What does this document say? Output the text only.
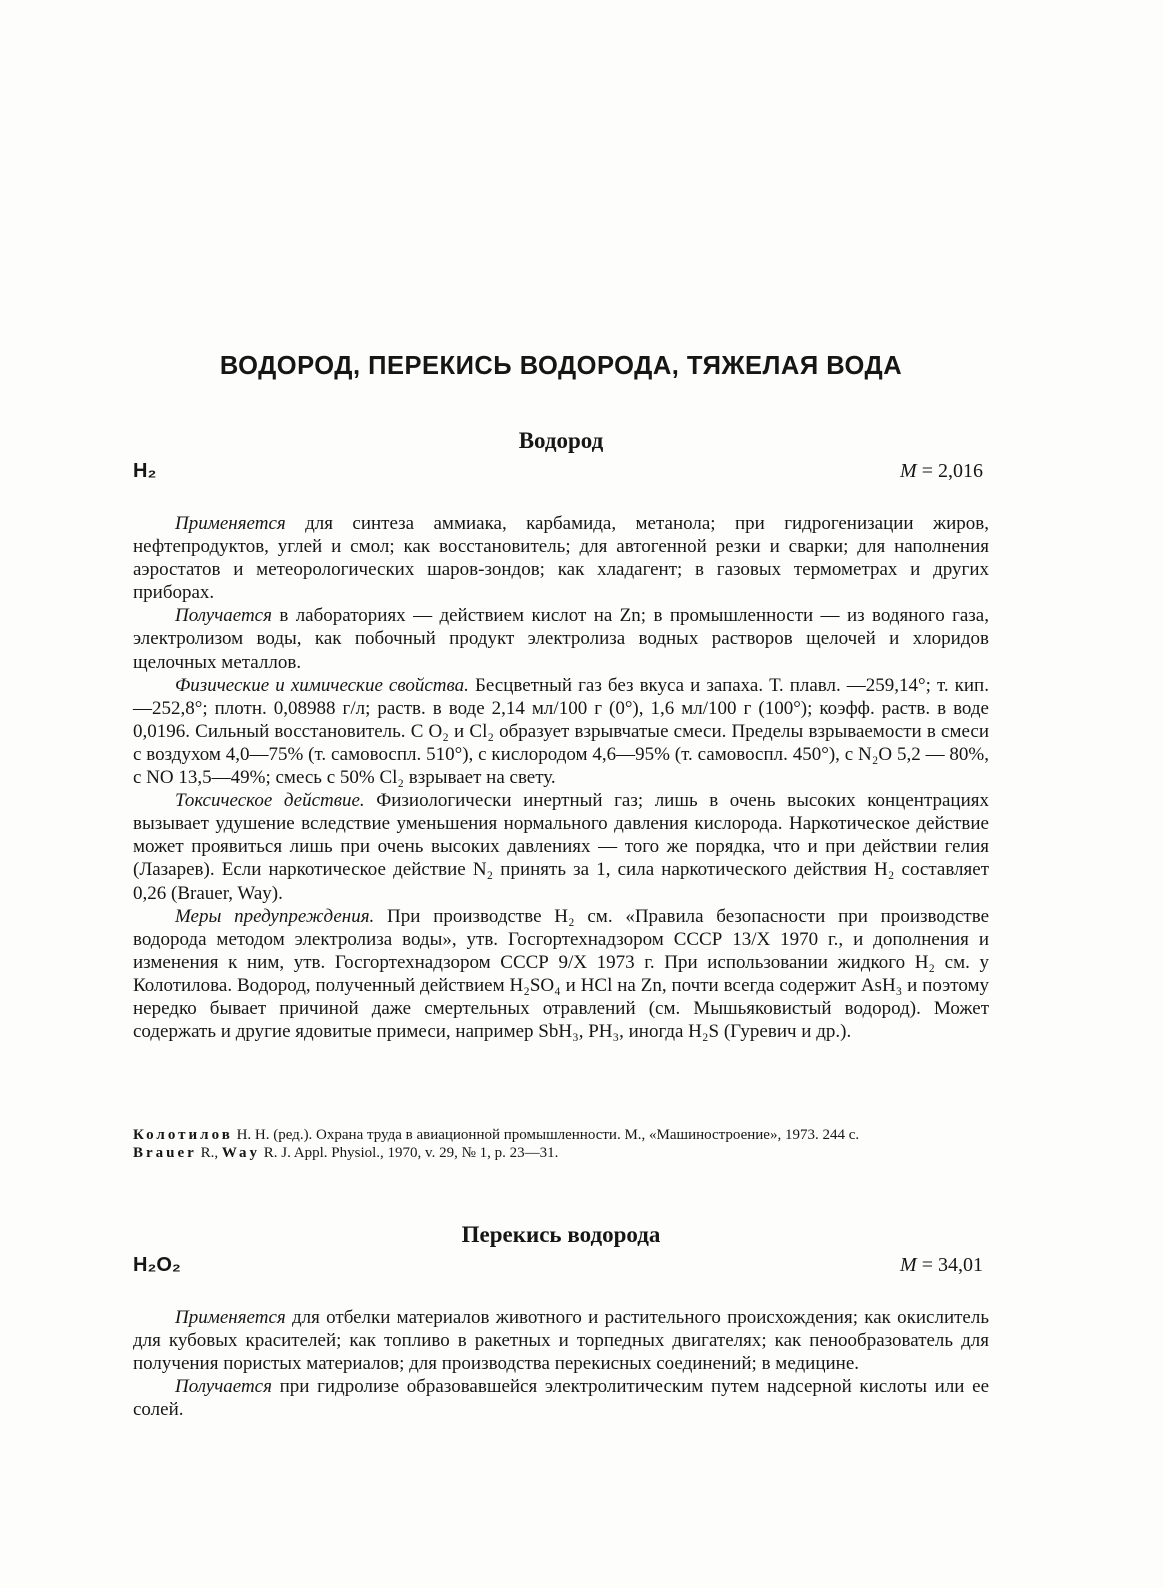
ВОДОРОД, ПЕРЕКИСЬ ВОДОРОДА, ТЯЖЕЛАЯ ВОДА
Водород
H₂	M = 2,016

Применяется для синтеза аммиака, карбамида, метанола; при гидрогенизации жиров, нефтепродуктов, углей и смол; как восстановитель; для автогенной резки и сварки; для наполнения аэростатов и метеорологических шаров-зондов; как хладагент; в газовых термометрах и других приборах.

Получается в лабораториях — действием кислот на Zn; в промышленности — из водяного газа, электролизом воды, как побочный продукт электролиза водных растворов щелочей и хлоридов щелочных металлов.

Физические и химические свойства. Бесцветный газ без вкуса и запаха. Т. плавл. —259,14°; т. кип. —252,8°; плотн. 0,08988 г/л; раств. в воде 2,14 мл/100 г (0°), 1,6 мл/100 г (100°); коэфф. раств. в воде 0,0196. Сильный восстановитель. С O₂ и Cl₂ образует взрывчатые смеси. Пределы взрываемости в смеси с воздухом 4,0—75% (т. самовоспл. 510°), с кислородом 4,6—95% (т. самовоспл. 450°), с N₂O 5,2 — 80%, с NO 13,5—49%; смесь с 50% Cl₂ взрывает на свету.

Токсическое действие. Физиологически инертный газ; лишь в очень высоких концентрациях вызывает удушение вследствие уменьшения нормального давления кислорода. Наркотическое действие может проявиться лишь при очень высоких давлениях — того же порядка, что и при действии гелия (Лазарев). Если наркотическое действие N₂ принять за 1, сила наркотического действия H₂ составляет 0,26 (Brauer, Way).

Меры предупреждения. При производстве H₂ см. «Правила безопасности при производстве водорода методом электролиза воды», утв. Госгортехнадзором СССР 13/X 1970 г., и дополнения и изменения к ним, утв. Госгортехнадзором СССР 9/X 1973 г. При использовании жидкого H₂ см. у Колотилова. Водород, полученный действием H₂SO₄ и HCl на Zn, почти всегда содержит AsH₃ и поэтому нередко бывает причиной даже смертельных отравлений (см. Мышьяковистый водород). Может содержать и другие ядовитые примеси, например SbH₃, PH₃, иногда H₂S (Гуревич и др.).

Колотилов Н. Н. (ред.). Охрана труда в авиационной промышленности. М., «Машиностроение», 1973. 244 с.

Brauer R., Way R. J. Appl. Physiol., 1970, v. 29, № 1, p. 23—31.

Перекись водорода
H₂O₂	M = 34,01

Применяется для отбелки материалов животного и растительного происхождения; как окислитель для кубовых красителей; как топливо в ракетных и торпедных двигателях; как пенообразователь для получения пористых материалов; для производства перекисных соединений; в медицине.

Получается при гидролизе образовавшейся электролитическим путем надсерной кислоты или ее солей.
